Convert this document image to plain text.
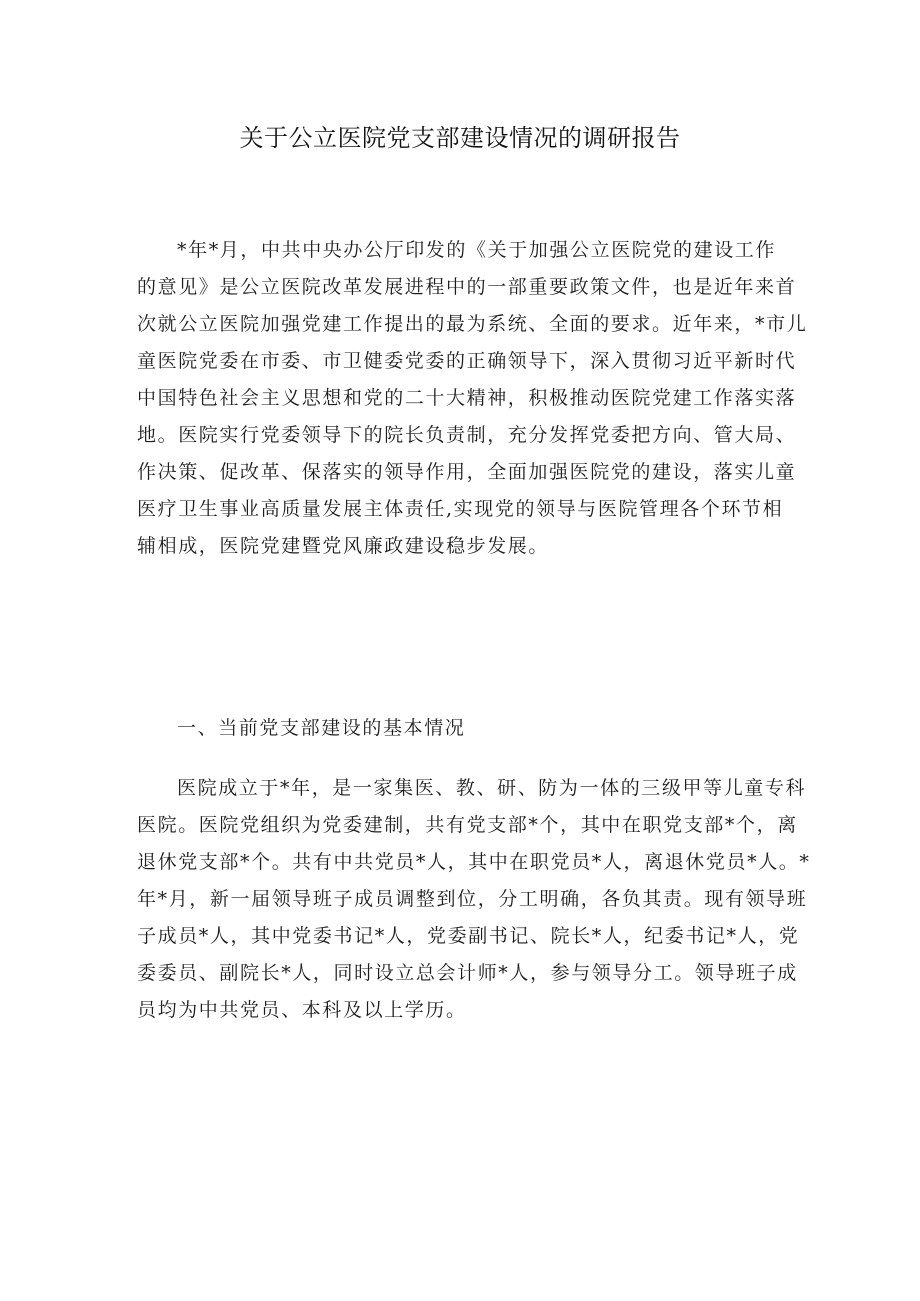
关于公立医院党支部建设情况的调研报告
*年*月，中共中央办公厅印发的《关于加强公立医院党的建设工作
的意见》是公立医院改革发展进程中的一部重要政策文件，也是近年来首
次就公立医院加强党建工作提出的最为系统、全面的要求。近年来，*市儿
童医院党委在市委、市卫健委党委的正确领导下，深入贯彻习近平新时代
中国特色社会主义思想和党的二十大精神，积极推动医院党建工作落实落
地。医院实行党委领导下的院长负责制，充分发挥党委把方向、管大局、
作决策、促改革、保落实的领导作用，全面加强医院党的建设，落实儿童
医疗卫生事业高质量发展主体责任,实现党的领导与医院管理各个环节相
辅相成，医院党建暨党风廉政建设稳步发展。
一、当前党支部建设的基本情况
医院成立于*年，是一家集医、教、研、防为一体的三级甲等儿童专科
医院。医院党组织为党委建制，共有党支部*个，其中在职党支部*个，离
退休党支部*个。共有中共党员*人，其中在职党员*人，离退休党员*人。*
年*月，新一届领导班子成员调整到位，分工明确，各负其责。现有领导班
子成员*人，其中党委书记*人，党委副书记、院长*人，纪委书记*人，党
委委员、副院长*人，同时设立总会计师*人，参与领导分工。领导班子成
员均为中共党员、本科及以上学历。
